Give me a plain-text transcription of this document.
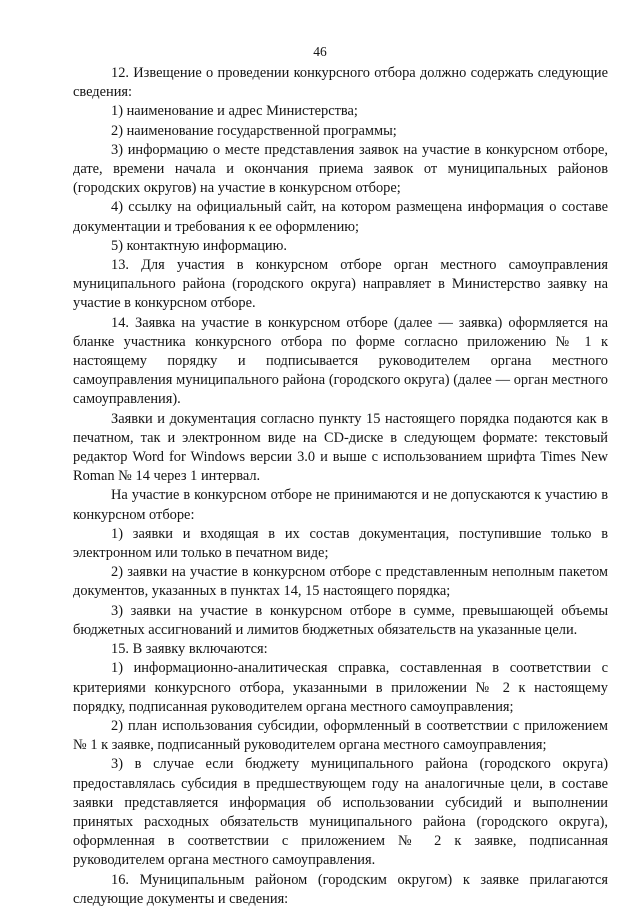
46

12. Извещение о проведении конкурсного отбора должно содержать следующие сведения:

1) наименование и адрес Министерства;

2) наименование государственной программы;

3) информацию о месте представления заявок на участие в конкурсном отборе, дате, времени начала и окончания приема заявок от муниципальных районов (городских округов) на участие в конкурсном отборе;

4) ссылку на официальный сайт, на котором размещена информация о составе документации и требования к ее оформлению;

5) контактную информацию.

13. Для участия в конкурсном отборе орган местного самоуправления муниципального района (городского округа) направляет в Министерство заявку на участие в конкурсном отборе.

14. Заявка на участие в конкурсном отборе (далее — заявка) оформляется на бланке участника конкурсного отбора по форме согласно приложению № 1 к настоящему порядку и подписывается руководителем органа местного самоуправления муниципального района (городского округа) (далее — орган местного самоуправления).

Заявки и документация согласно пункту 15 настоящего порядка подаются как в печатном, так и электронном виде на CD-диске в следующем формате: текстовый редактор Word for Windows версии 3.0 и выше с использованием шрифта Times New Roman № 14 через 1 интервал.

На участие в конкурсном отборе не принимаются и не допускаются к участию в конкурсном отборе:

1) заявки и входящая в их состав документация, поступившие только в электронном или только в печатном виде;

2) заявки на участие в конкурсном отборе с представленным неполным пакетом документов, указанных в пунктах 14, 15 настоящего порядка;

3) заявки на участие в конкурсном отборе в сумме, превышающей объемы бюджетных ассигнований и лимитов бюджетных обязательств на указанные цели.

15. В заявку включаются:

1) информационно-аналитическая справка, составленная в соответствии с критериями конкурсного отбора, указанными в приложении № 2 к настоящему порядку, подписанная руководителем органа местного самоуправления;

2) план использования субсидии, оформленный в соответствии с приложением № 1 к заявке, подписанный руководителем органа местного самоуправления;

3) в случае если бюджету муниципального района (городского округа) предоставлялась субсидия в предшествующем году на аналогичные цели, в составе заявки представляется информация об использовании субсидий и выполнении принятых расходных обязательств муниципального района (городского округа), оформленная в соответствии с приложением № 2 к заявке, подписанная руководителем органа местного самоуправления.

16. Муниципальным районом (городским округом) к заявке прилагаются следующие документы и сведения:
